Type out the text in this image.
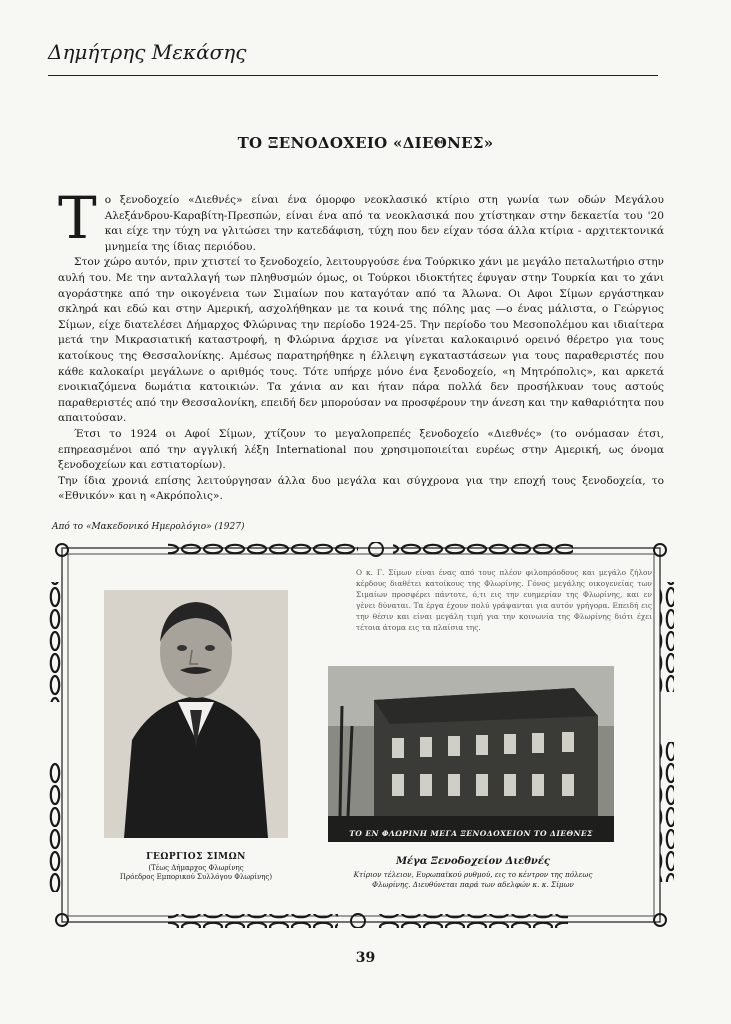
Δημήτρης Μεκάσης
ΤΟ ΞΕΝΟΔΟΧΕΙΟ «ΔΙΕΘΝΕΣ»

Το ξενοδοχείο «Διεθνές» είναι ένα όμορφο νεοκλασικό κτίριο στη γωνία των οδών Μεγάλου Αλεξάνδρου-Καραβίτη-Πρεσπών, είναι ένα από τα νεοκλασικά που χτίστηκαν στην δεκαετία του '20 και είχε την τύχη να γλιτώσει την κατεδάφιση, τύχη που δεν είχαν τόσα άλλα κτίρια - αρχιτεκτονικά μνημεία της ίδιας περιόδου.

Στον χώρο αυτόν, πριν χτιστεί το ξενοδοχείο, λειτουργούσε ένα Τούρκικο χάνι με μεγάλο πεταλωτήριο στην αυλή του. Με την ανταλλαγή των πληθυσμών όμως, οι Τούρκοι ιδιοκτήτες έφυγαν στην Τουρκία και το χάνι αγοράστηκε από την οικογένεια των Σιμαίων που καταγόταν από τα Άλωνα. Οι Αφοι Σίμων εργάστηκαν σκληρά και εδώ και στην Αμερική, ασχολήθηκαν με τα κοινά της πόλης μας —ο ένας μάλιστα, ο Γεώργιος Σίμων, είχε διατελέσει Δήμαρχος Φλώρινας την περίοδο 1924-25. Την περίοδο του Μεσοπολέμου και ιδιαίτερα μετά την Μικρασιατική καταστροφή, η Φλώρινα άρχισε να γίνεται καλοκαιρινό ορεινό θέρετρο για τους κατοίκους της Θεσσαλονίκης. Αμέσως παρατηρήθηκε η έλλειψη εγκαταστάσεων για τους παραθεριστές που κάθε καλοκαίρι μεγάλωνε ο αριθμός τους. Τότε υπήρχε μόνο ένα ξενοδοχείο, «η Μητρόπολις», και αρκετά ενοικιαζόμενα δωμάτια κατοικιών. Τα χάνια αν και ήταν πάρα πολλά δεν προσήλκυαν τους αστούς παραθεριστές από την Θεσσαλονίκη, επειδή δεν μπορούσαν να προσφέρουν την άνεση και την καθαριότητα που απαιτούσαν.

Έτσι το 1924 οι Αφοί Σίμων, χτίζουν το μεγαλοπρεπές ξενοδοχείο «Διεθνές» (το ονόμασαν έτσι, επηρεασμένοι από την αγγλική λέξη International που χρησιμοποιείται ευρέως στην Αμερική, ως όνομα ξενοδοχείων και εστιατορίων).

Την ίδια χρονιά επίσης λειτούργησαν άλλα δυο μεγάλα και σύγχρονα για την εποχή τους ξενοδοχεία, το «Εθνικόν» και η «Ακρόπολις».

Από το «Μακεδονικό Ημερολόγιο» (1927)
Ο κ. Γ. Σίμων είναι ένας από τους πλέον φιλοπρόοδους και μεγάλο ζήλον κέρδους διαθέτει κατοίκους της Φλωρίνης. Γόνος μεγάλης οικογενείας των Σιμαίων προσφέρει πάντοτε, ό,τι εις την ευημερίαν της Φλωρίνης, και εν γένει δύναται. Τα έργα έχουν πολύ γράψανται για αυτόν γρήγορα. Επειδή εις την θέσιν και είναι μεγάλη τιμή για την κοινωνία της Φλωρίνης διότι έχει τέτοια άτομα εις τα πλαίσια της.
ΤΟ ΕΝ ΦΛΩΡΙΝΗ ΜΕΓΑ ΞΕΝΟΔΟΧΕΙΟΝ ΤΟ ΔΙΕΘΝΕΣ
ΓΕΩΡΓΙΟΣ ΣΙΜΩΝ
(Τέως Δήμαρχος Φλωρίνης
Πρόεδρος Εμπορικού Συλλόγου Φλωρίνης)
Μέγα Ξενοδοχείον Διεθνές
Κτίριον τέλειον, Ευρωπαϊκού ρυθμού, εις το κέντρον της πόλεως
Φλωρίνης. Διευθύνεται παρά των αδελφών κ. κ. Σίμων
39
